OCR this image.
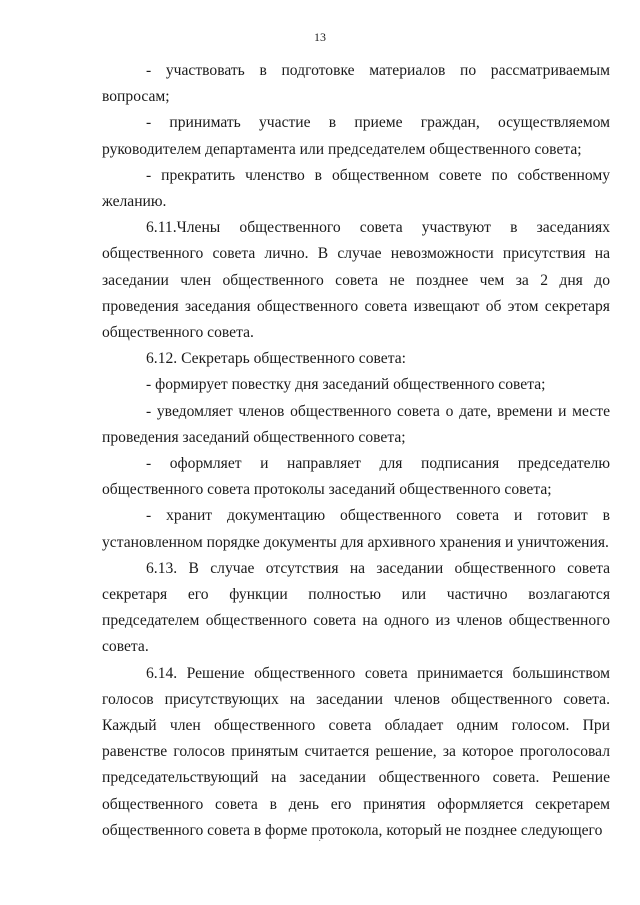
13

- участвовать в подготовке материалов по рассматриваемым вопросам;

- принимать участие в приеме граждан, осуществляемом руководителем департамента или председателем общественного совета;

- прекратить членство в общественном совете по собственному желанию.

6.11.Члены общественного совета участвуют в заседаниях общественного совета лично. В случае невозможности присутствия на заседании член общественного совета не позднее чем за 2 дня до проведения заседания общественного совета извещают об этом секретаря общественного совета.

6.12. Секретарь общественного совета:

- формирует повестку дня заседаний общественного совета;

- уведомляет членов общественного совета о дате, времени и месте проведения заседаний общественного совета;

- оформляет и направляет для подписания председателю общественного совета протоколы заседаний общественного совета;

- хранит документацию общественного совета и готовит в установленном порядке документы для архивного хранения и уничтожения.

6.13. В случае отсутствия на заседании общественного совета секретаря его функции полностью или частично возлагаются председателем общественного совета на одного из членов общественного совета.

6.14. Решение общественного совета принимается большинством голосов присутствующих на заседании членов общественного совета. Каждый член общественного совета обладает одним голосом. При равенстве голосов принятым считается решение, за которое проголосовал председательствующий на заседании общественного совета. Решение общественного совета в день его принятия оформляется секретарем общественного совета в форме протокола, который не позднее следующего

·
